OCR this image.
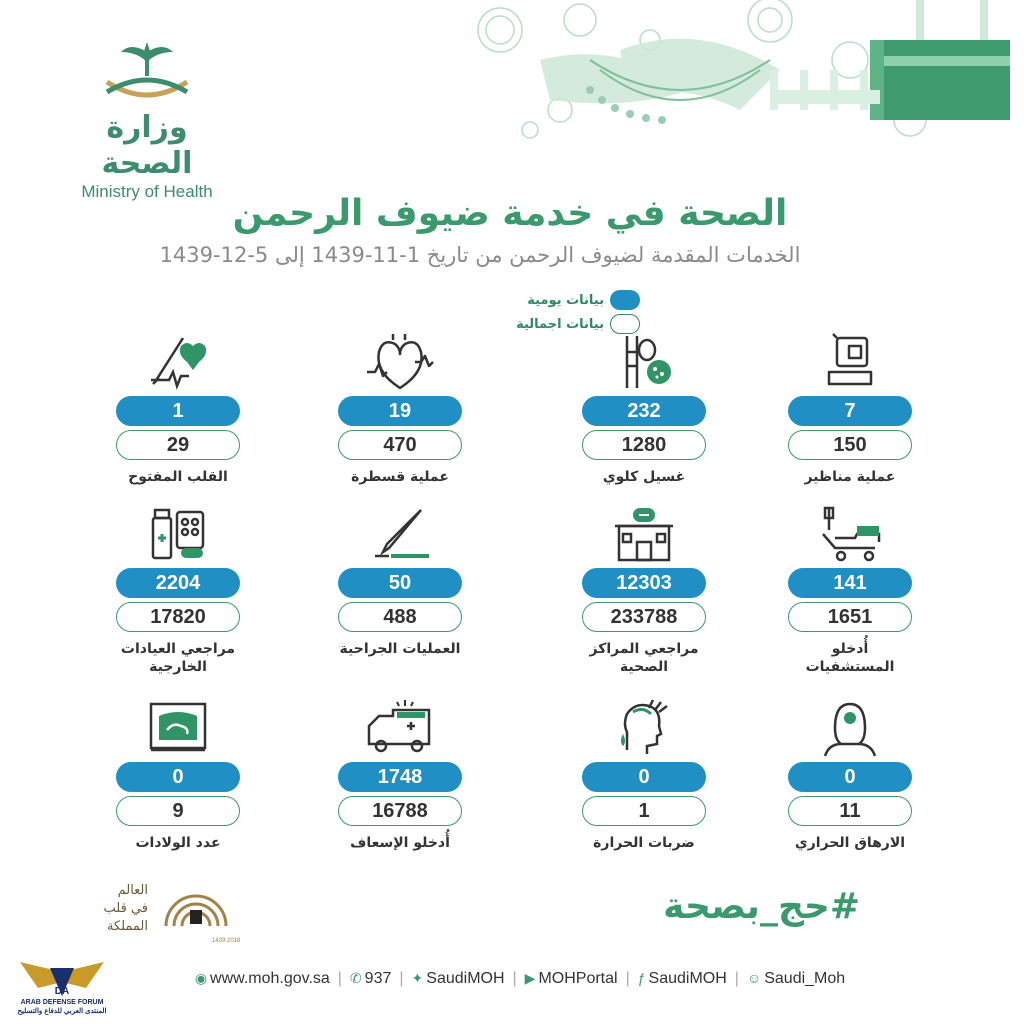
وزارة الصحة
Ministry of Health
الصحة في خدمة ضيوف الرحمن
الخدمات المقدمة لضيوف الرحمن من تاريخ 1-11-1439 إلى 5-12-1439
بيانات يومية

بيانات اجمالية
7
150
عملية مناظير
232
1280
غسيل كلوي
19
470
عملية قسطرة
1
29
القلب المفتوح
141
1651
أُدخلو المستشفيات
12303
233788
مراجعي المراكز الصحية
50
488
العمليات الجراحية
2204
17820
مراجعي العيادات الخارجية
0
11
الارهاق الحراري
0
1
ضربات الحرارة
1748
16788
أُدخلو الإسعاف
0
9
عدد الولادات
#حج_بصحة
العالم
في قلب
المملكة
1439 2018
◉ www.moh.gov.sa | ✆ 937 | ✦ SaudiMOH | ▶ MOHPortal | ƒ SaudiMOH | ☺ Saudi_Moh
DA
ARAB DEFENSE FORUM
المنتدى العربي للدفاع والتسليح
